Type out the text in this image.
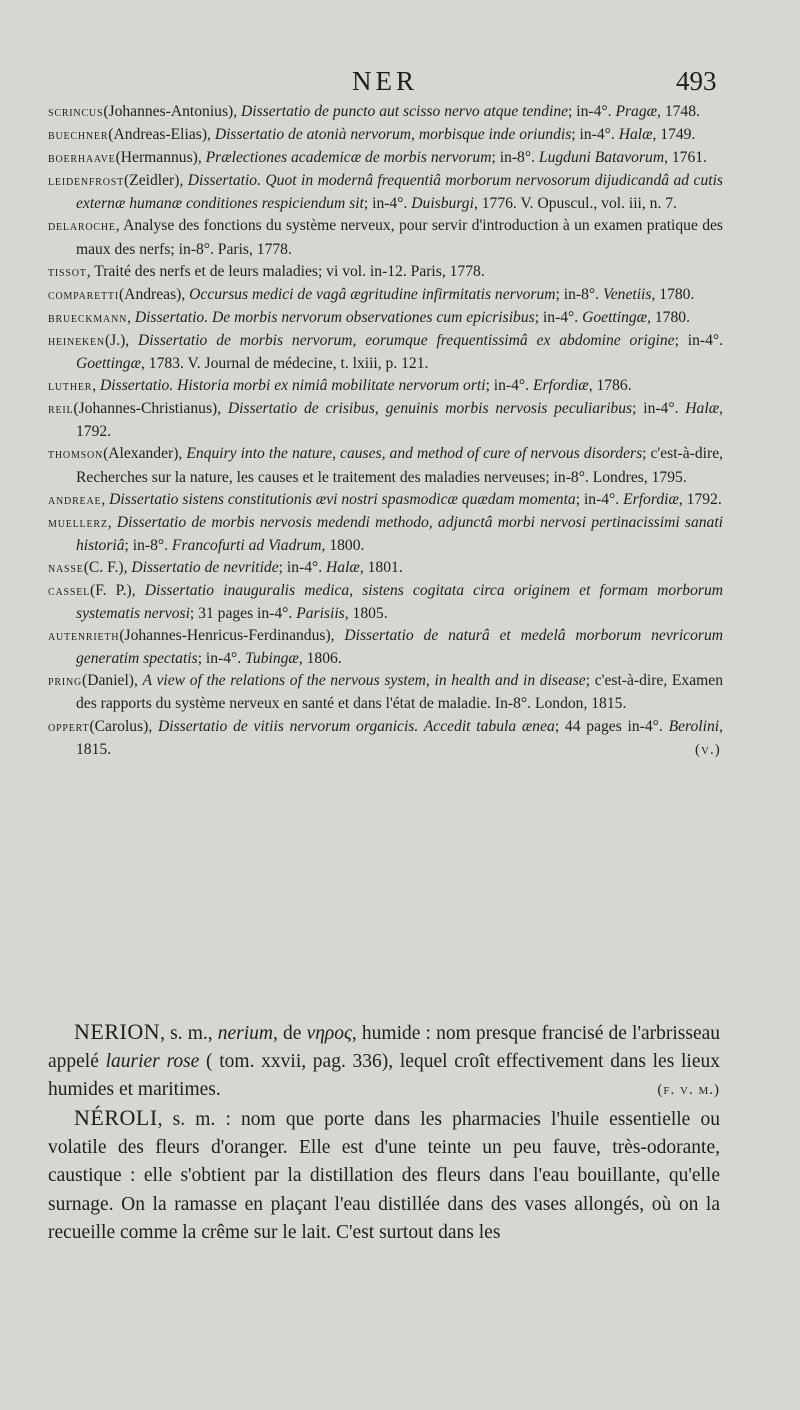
NER	493

scrincus(Johannes-Antonius), Dissertatio de puncto aut scisso nervo atque tendine; in-4°. Pragæ, 1748.

buechner(Andreas-Elias), Dissertatio de atonià nervorum, morbisque inde oriundis; in-4°. Halæ, 1749.

boerhaave(Hermannus), Prælectiones academicæ de morbis nervorum; in-8°. Lugduni Batavorum, 1761.

leidenfrost(Zeidler), Dissertatio. Quot in modernâ frequentiâ morborum nervosorum dijudicandâ ad cutis externæ humanæ conditiones respiciendum sit; in-4°. Duisburgi, 1776. V. Opuscul., vol. iii, n. 7.

delaroche, Analyse des fonctions du système nerveux, pour servir d'introduction à un examen pratique des maux des nerfs; in-8°. Paris, 1778.

tissot, Traité des nerfs et de leurs maladies; vi vol. in-12. Paris, 1778.

comparetti(Andreas), Occursus medici de vagâ ægritudine infirmitatis nervorum; in-8°. Venetiis, 1780.

brueckmann, Dissertatio. De morbis nervorum observationes cum epicrisibus; in-4°. Goettingæ, 1780.

heineken(J.), Dissertatio de morbis nervorum, eorumque frequentissimâ ex abdomine origine; in-4°. Goettingæ, 1783. V. Journal de médecine, t. lxiii, p. 121.

luther, Dissertatio. Historia morbi ex nimiâ mobilitate nervorum orti; in-4°. Erfordiæ, 1786.

reil(Johannes-Christianus), Dissertatio de crisibus, genuinis morbis nervosis peculiaribus; in-4°. Halæ, 1792.

thomson(Alexander), Enquiry into the nature, causes, and method of cure of nervous disorders; c'est-à-dire, Recherches sur la nature, les causes et le traitement des maladies nerveuses; in-8°. Londres, 1795.

andreae, Dissertatio sistens constitutionis ævi nostri spasmodicæ quædam momenta; in-4°. Erfordiæ, 1792.

muellerz, Dissertatio de morbis nervosis medendi methodo, adjunctâ morbi nervosi pertinacissimi sanati historiâ; in-8°. Francofurti ad Viadrum, 1800.

nasse(C. F.), Dissertatio de nevritide; in-4°. Halæ, 1801.

cassel(F. P.), Dissertatio inauguralis medica, sistens cogitata circa originem et formam morborum systematis nervosi; 31 pages in-4°. Parisiis, 1805.

autenrieth(Johannes-Henricus-Ferdinandus), Dissertatio de naturâ et medelâ morborum nevricorum generatim spectatis; in-4°. Tubingæ, 1806.

pring(Daniel), A view of the relations of the nervous system, in health and in disease; c'est-à-dire, Examen des rapports du système nerveux en santé et dans l'état de maladie. In-8°. London, 1815.

oppert(Carolus), Dissertatio de vitiis nervorum organicis. Accedit tabula ænea; 44 pages in-4°. Berolini, 1815.	(v.)

NERION, s. m., nerium, de νηρος, humide : nom presque francisé de l'arbrisseau appelé laurier rose ( tom. xxvii, pag. 336), lequel croît effectivement dans les lieux humides et maritimes.	(f. v. m.)

NÉROLI, s. m. : nom que porte dans les pharmacies l'huile essentielle ou volatile des fleurs d'oranger. Elle est d'une teinte un peu fauve, très-odorante, caustique : elle s'obtient par la distillation des fleurs dans l'eau bouillante, qu'elle surnage. On la ramasse en plaçant l'eau distillée dans des vases allongés, où on la recueille comme la crême sur le lait. C'est surtout dans les
